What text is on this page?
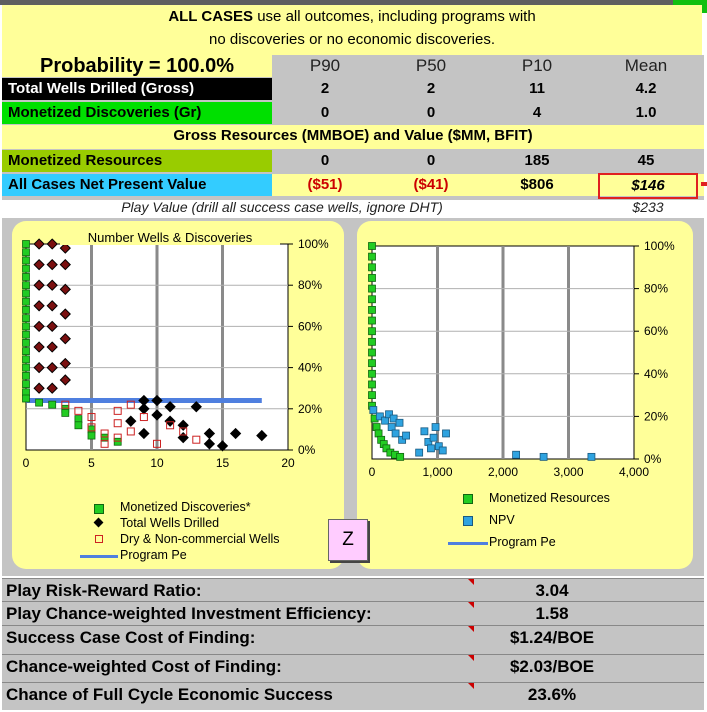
ALL CASES use all outcomes, including programs with
no discoveries or no economic discoveries.
Probability = 100.0%	P90	P50	P10	Mean
Total Wells Drilled (Gross)	2	2	11	4.2
Monetized Discoveries (Gr)	0	0	4	1.0
Gross Resources (MMBOE) and Value ($MM, BFIT)
Monetized Resources	0	0	185	45
All Cases Net Present Value	($51)	($41)	$806	$146
Play Value (drill all success case wells, ignore DHT)	$233
0	5	10	15	20
100%
80%
60%
40%
20%
0%
0	1,000	2,000	3,000	4,000
100%
80%
60%
40%
20%
0%
Number Wells & Discoveries
Monetized Discoveries*
Total Wells Drilled
Dry & Non-commercial Wells
Program Pe
Z
Monetized Resources
NPV
Program Pe
Play Risk-Reward Ratio:	3.04
Play Chance-weighted Investment Efficiency:	1.58
Success Case Cost of Finding:	$1.24/BOE
Chance-weighted Cost of Finding:	$2.03/BOE
Chance of Full Cycle Economic Success	23.6%
